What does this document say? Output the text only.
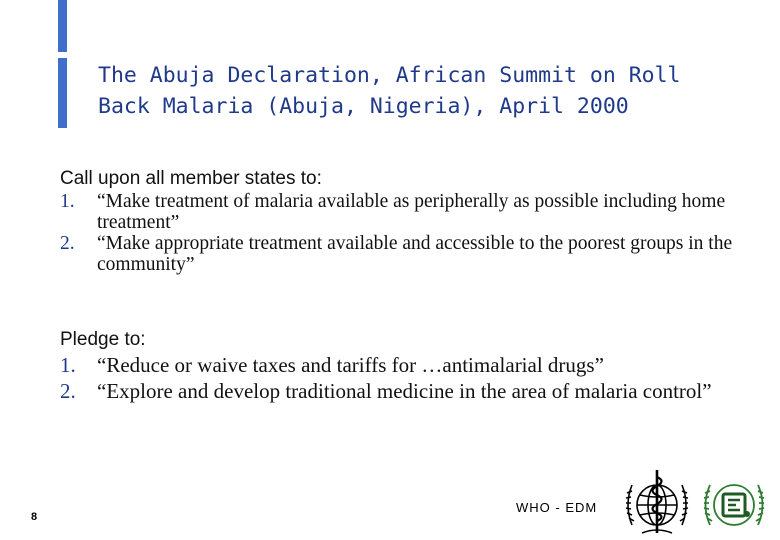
The Abuja Declaration, African Summit on Roll Back Malaria (Abuja, Nigeria), April 2000
Call upon all member states to:
1. “Make treatment of malaria available as peripherally as possible including home treatment”
2. “Make appropriate treatment available and accessible to the poorest groups in the community”
Pledge to:
1. “Reduce or waive taxes and tariffs for …antimalarial drugs”
2. “Explore and develop traditional medicine in the area of malaria control”
WHO - EDM
8
